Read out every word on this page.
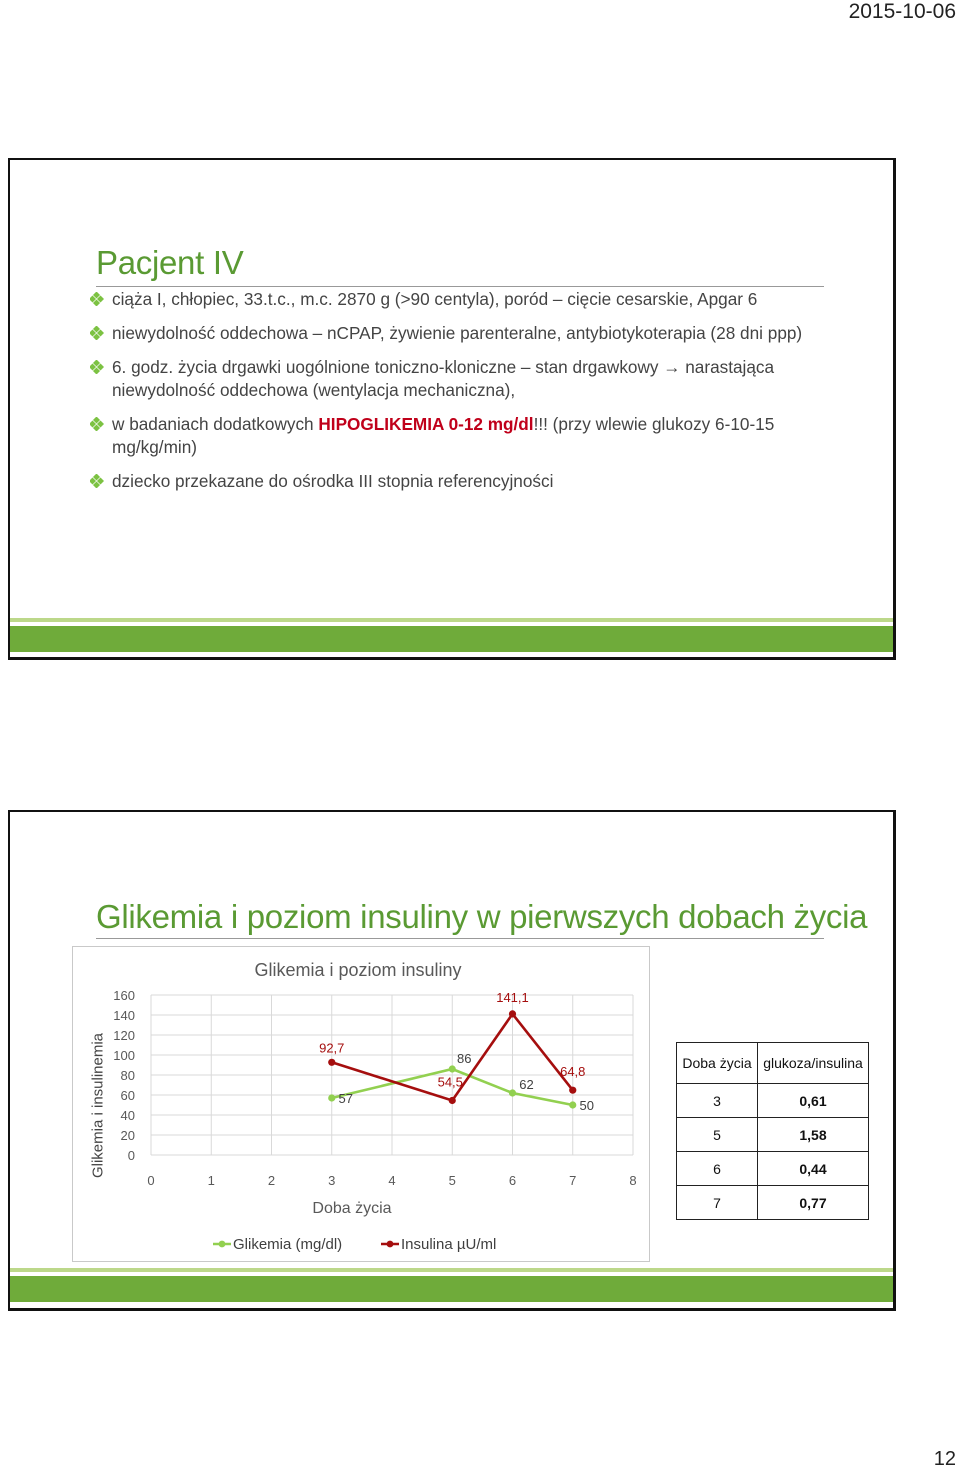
2015-10-06
Pacjent IV
ciąża I, chłopiec, 33.t.c., m.c. 2870 g (>90 centyla), poród – cięcie cesarskie, Apgar 6
niewydolność oddechowa – nCPAP, żywienie parenteralne, antybiotykoterapia (28 dni ppp)
6. godz. życia drgawki uogólnione toniczno-kloniczne – stan drgawkowy → narastająca niewydolność oddechowa (wentylacja mechaniczna),
w badaniach dodatkowych HIPOGLIKEMIA 0-12 mg/dl!!! (przy wlewie glukozy 6-10-15 mg/kg/min)
dziecko przekazane do ośrodka III stopnia referencyjności
Glikemia i poziom insuliny w pierwszych dobach życia
Glikemia i insulinemia
Glikemia i poziom insuliny
0
20
40
60
80
100
120
140
160
0	1	2	3	4	5	6	7	8
Doba życia
57
86
62
50
92,7
54,5
141,1
64,8
Glikemia (mg/dl)	Insulina µU/ml
Doba życia	glukoza/insulina
3	0,61
5	1,58
6	0,44
7	0,77
12
